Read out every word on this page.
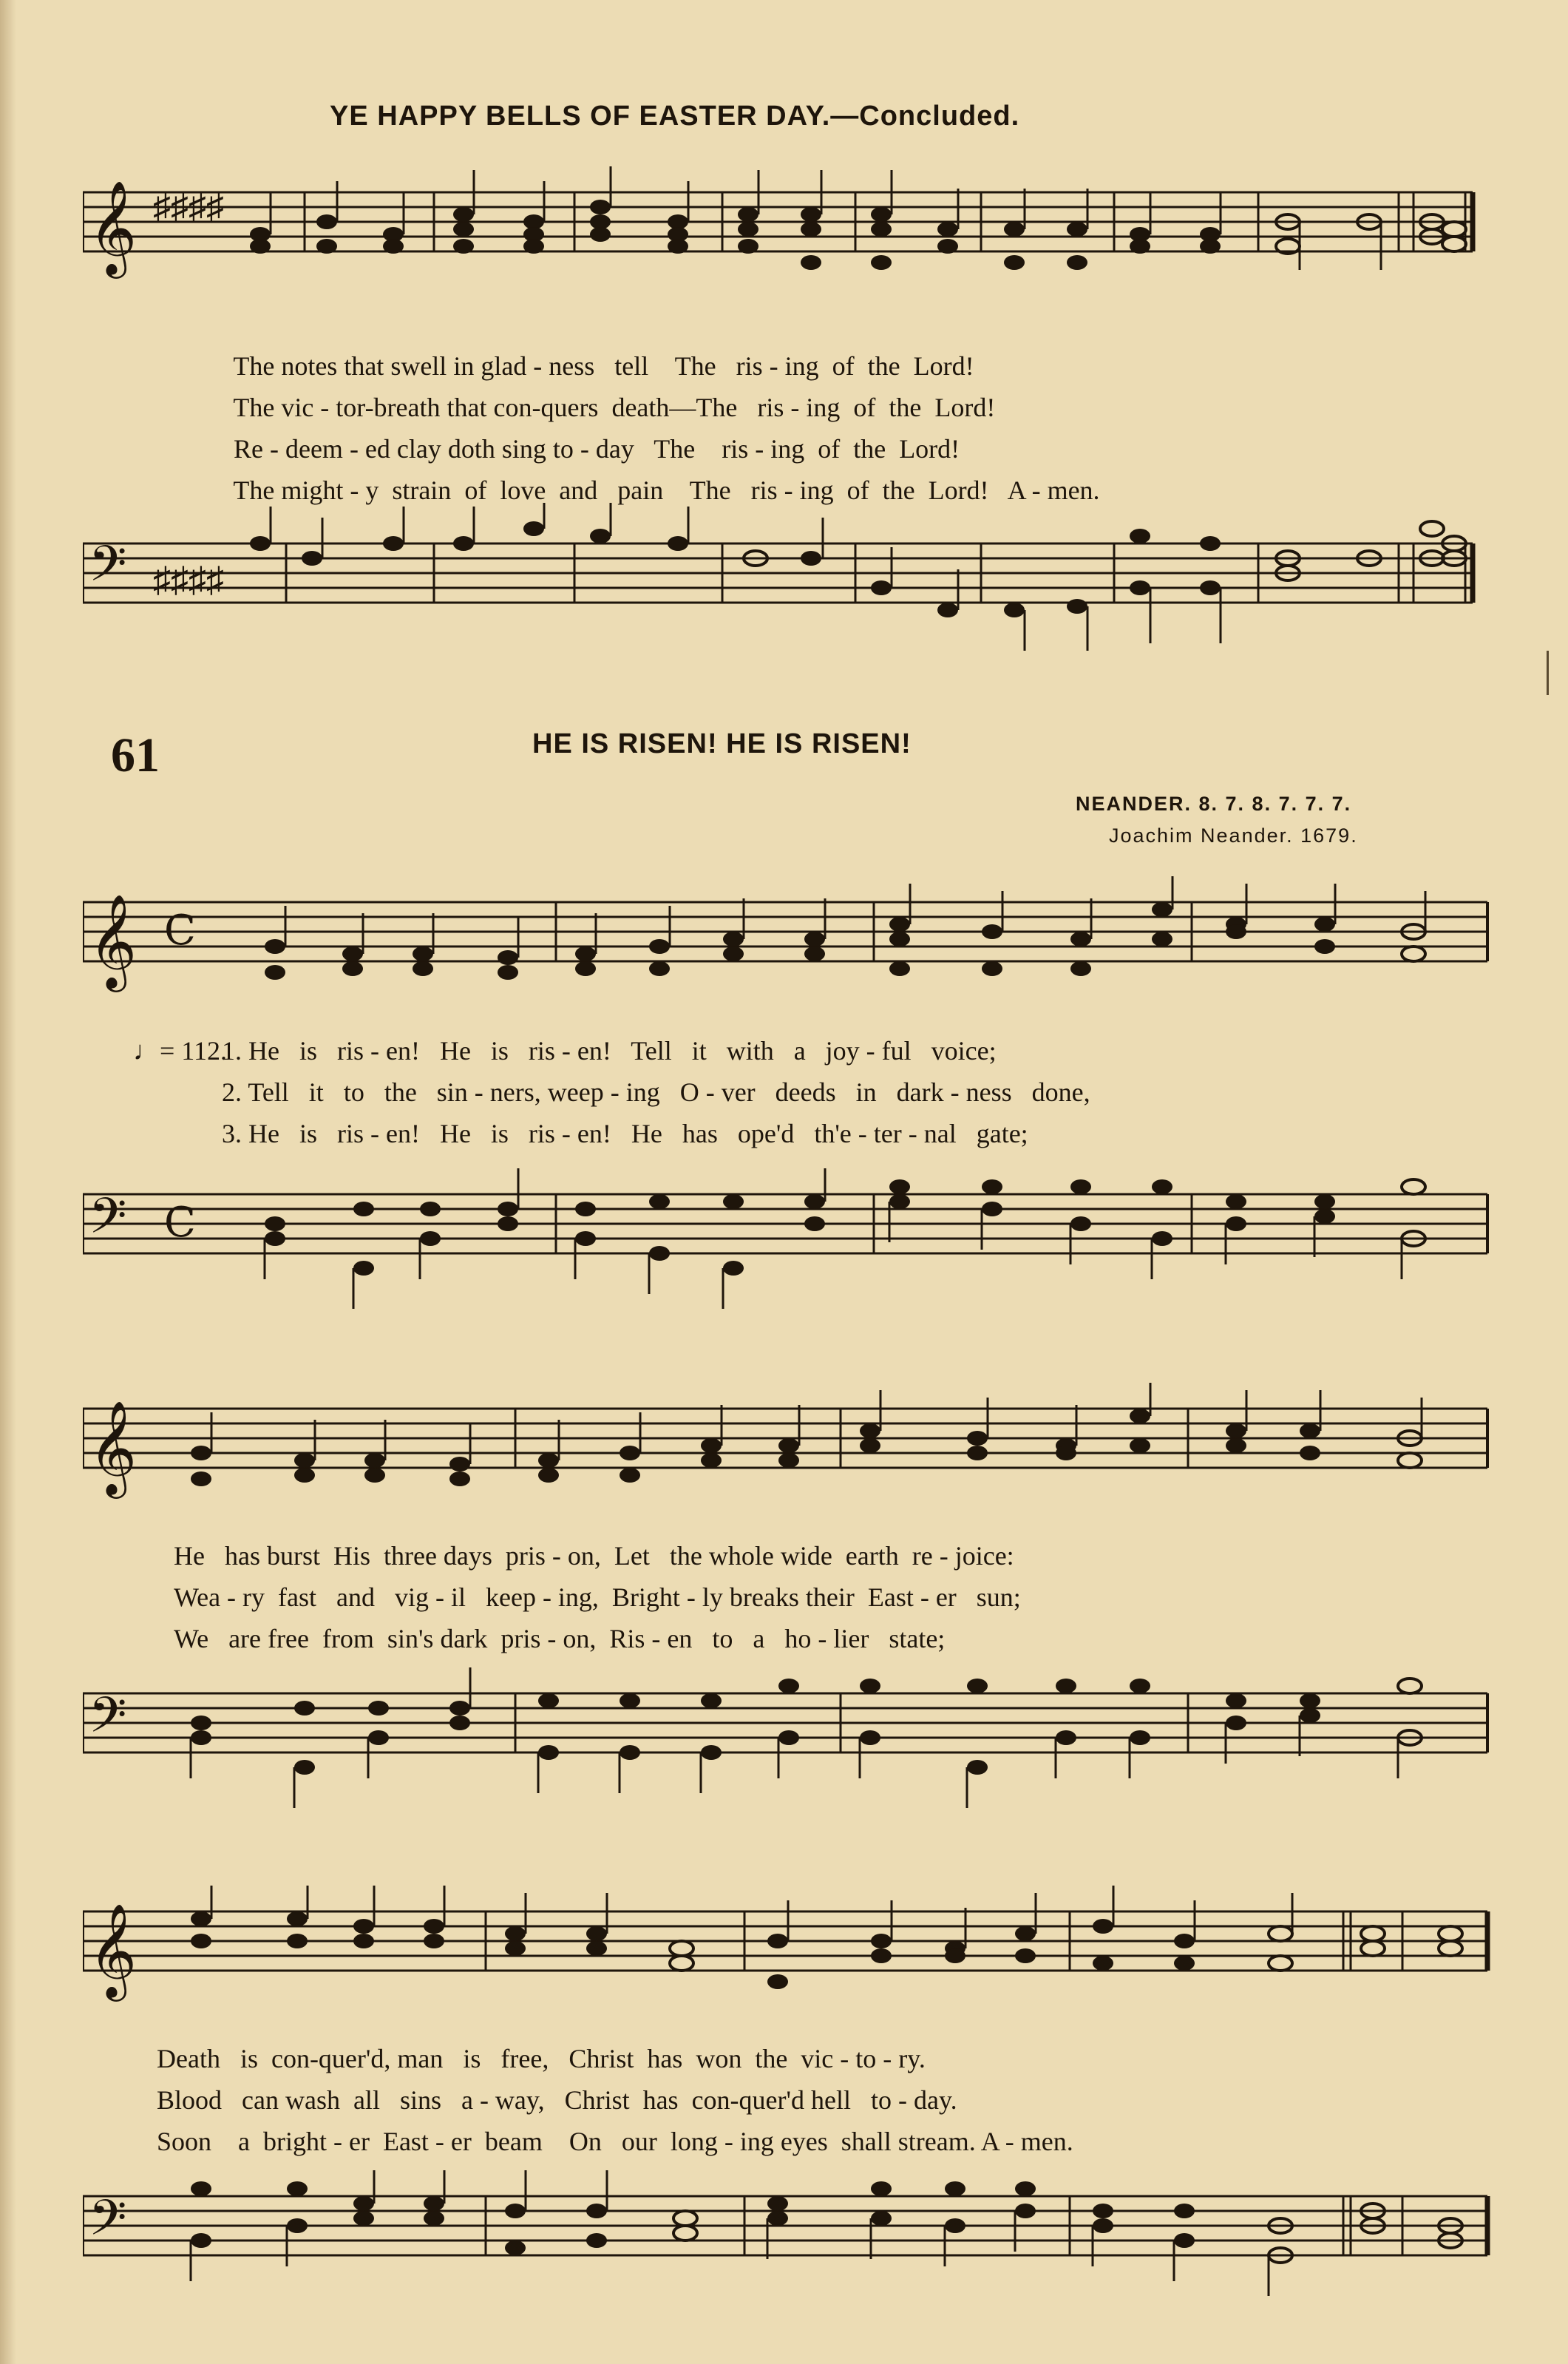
YE HAPPY BELLS OF EASTER DAY.—Concluded.
𝄞 ♯♯♯♯

The notes that swell in glad - ness tell The ris - ing of the Lord!

The vic - tor-breath that con-quers death—The ris - ing of the Lord!

Re - deem - ed clay doth sing to - day The ris - ing of the Lord!

The might - y strain of love and pain The ris - ing of the Lord! A - men.

𝄢 ♯♯♯♯
61	HE IS RISEN! HE IS RISEN!
NEANDER. 8. 7. 8. 7. 7. 7.
Joachim Neander. 1679.
𝄞 C
♩= 112.
1. He   is   ris - en!   He   is   ris - en!   Tell   it   with   a   joy - ful   voice;
2. Tell   it   to   the   sin - ners, weep - ing   O - ver   deeds   in   dark - ness   done,
3. He   is   ris - en!   He   is   ris - en!   He   has   ope'd   th'e - ter - nal   gate;
𝄢 C
𝄞
He   has burst  His  three days  pris - on,  Let   the whole wide  earth  re - joice:
Wea - ry  fast   and   vig - il   keep - ing,  Bright - ly breaks their  East - er   sun;
We   are free  from  sin's dark  pris - on,  Ris - en   to   a   ho - lier   state;
𝄢
𝄞
Death   is  con-quer'd, man   is   free,   Christ  has  won  the  vic - to - ry.
Blood   can wash  all   sins   a - way,   Christ  has  con-quer'd hell   to - day.
Soon    a  bright - er  East - er  beam    On   our  long - ing eyes  shall stream. A - men.
𝄢
